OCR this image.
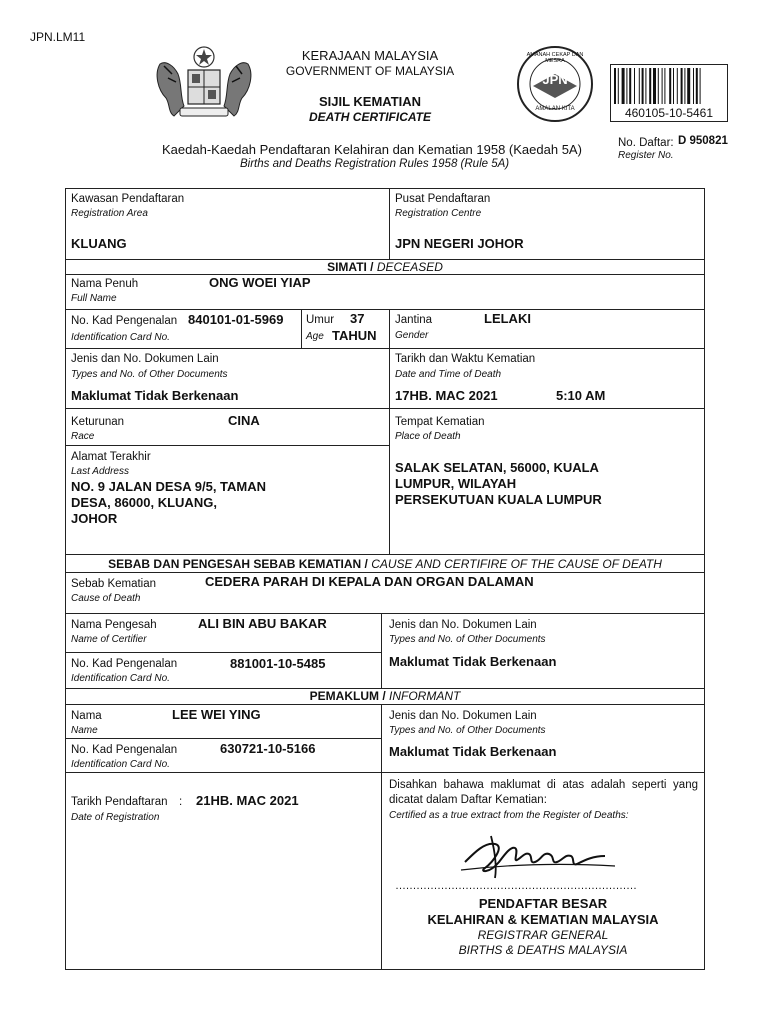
JPN.LM11
KERAJAAN MALAYSIA
GOVERNMENT OF MALAYSIA
SIJIL KEMATIAN
DEATH CERTIFICATE
JPN
AMANAH CEKAP DAN MESRA
AMALAN KITA	460105-10-5461
Kaedah-Kaedah Pendaftaran Kelahiran dan Kematian 1958 (Kaedah 5A)
Births and Deaths Registration Rules 1958 (Rule 5A)
No. Daftar: D 950821
Register No.
Kawasan Pendaftaran
Registration Area
KLUANG
Pusat Pendaftaran
Registration Centre
JPN NEGERI JOHOR
SIMATI / DECEASED
Nama Penuh
Full Name
ONG WOEI YIAP
No. Kad Pengenalan
Identification Card No.
840101-01-5969 Umur 37
Age TAHUN
Jantina
Gender
LELAKI
Jenis dan No. Dokumen Lain
Types and No. of Other Documents
Maklumat Tidak Berkenaan
Tarikh dan Waktu Kematian
Date and Time of Death
17HB. MAC 2021	5:10 AM
Keturunan
Race
CINA	Tempat Kematian
Place of Death
SALAK SELATAN, 56000, KUALA
LUMPUR, WILAYAH
PERSEKUTUAN KUALA LUMPUR
Alamat Terakhir
Last Address
NO. 9 JALAN DESA 9/5, TAMAN
DESA, 86000, KLUANG,
JOHOR
SEBAB DAN PENGESAH SEBAB KEMATIAN / CAUSE AND CERTIFIRE OF THE CAUSE OF DEATH
Sebab Kematian
Cause of Death
CEDERA PARAH DI KEPALA DAN ORGAN DALAMAN
Nama Pengesah
Name of Certifier
ALI BIN ABU BAKAR	Jenis dan No. Dokumen Lain
Types and No. of Other Documents
Maklumat Tidak Berkenaan
No. Kad Pengenalan
Identification Card No.
881001-10-5485
PEMAKLUM / INFORMANT
Nama
Name
LEE WEI YING	Jenis dan No. Dokumen Lain
Types and No. of Other Documents
Maklumat Tidak Berkenaan
No. Kad Pengenalan
Identification Card No.
630721-10-5166
Tarikh Pendaftaran :
Date of Registration
21HB. MAC 2021
Disahkan bahawa maklumat di atas adalah seperti yang
dicatat dalam Daftar Kematian:
Certified as a true extract from the Register of Deaths:
……………………………………………………………
PENDAFTAR BESAR
KELAHIRAN & KEMATIAN MALAYSIA
REGISTRAR GENERAL
BIRTHS & DEATHS MALAYSIA
